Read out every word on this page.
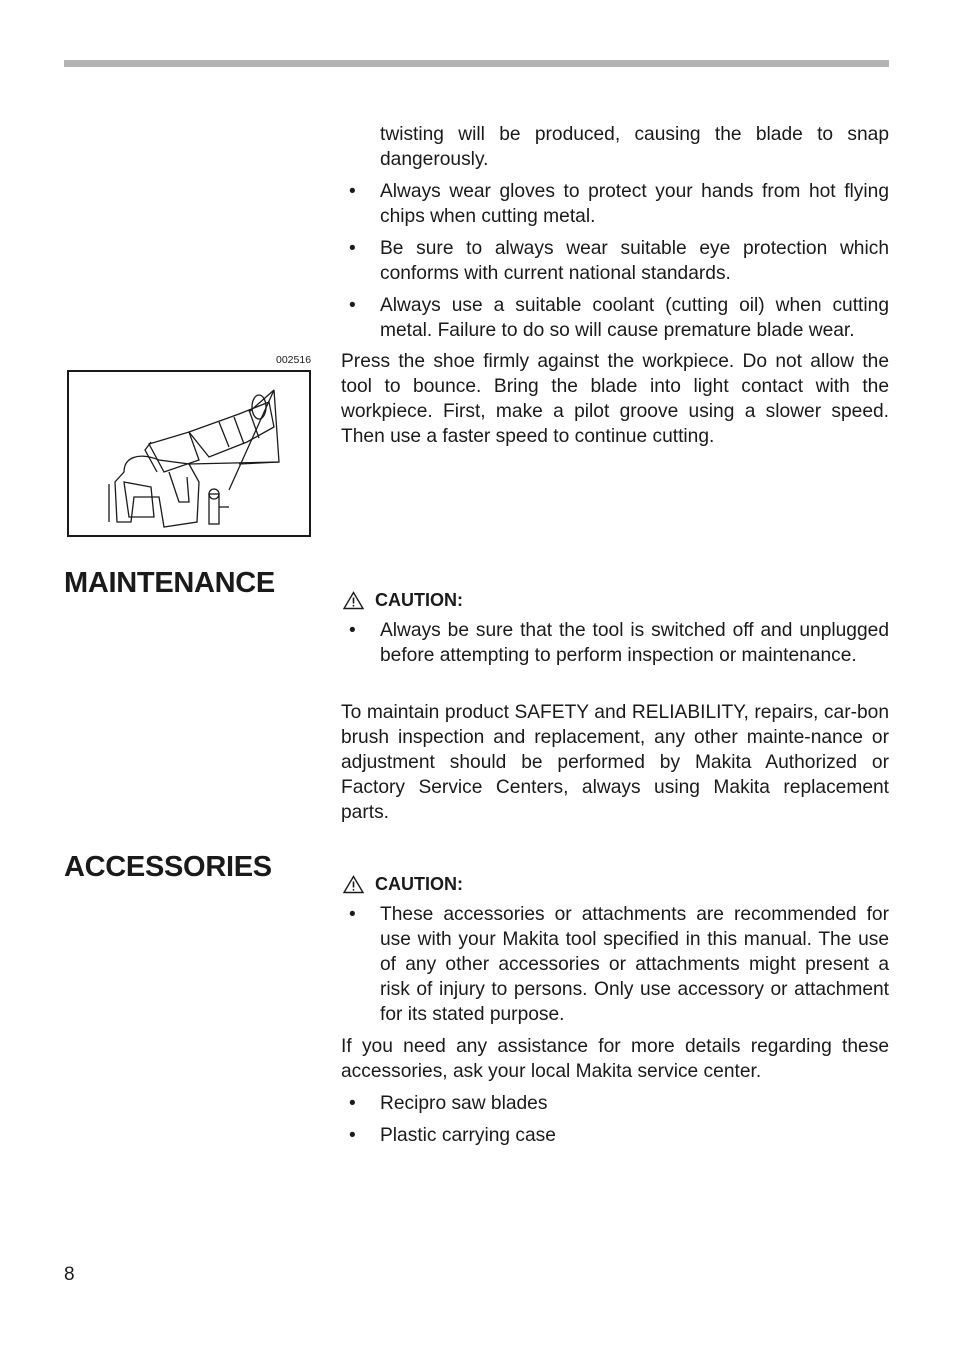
twisting will be produced, causing the blade to snap dangerously.

• Always wear gloves to protect your hands from hot flying chips when cutting metal.

• Be sure to always wear suitable eye protection which conforms with current national standards.

• Always use a suitable coolant (cutting oil) when cutting metal. Failure to do so will cause premature blade wear.

002516 Press the shoe firmly against the workpiece. Do not allow the tool to bounce. Bring the blade into light contact with the workpiece. First, make a pilot groove using a slower speed. Then use a faster speed to continue cutting.

MAINTENANCE
CAUTION:
• Always be sure that the tool is switched off and unplugged before attempting to perform inspection or maintenance.

To maintain product SAFETY and RELIABILITY, repairs, car-bon brush inspection and replacement, any other mainte-nance or adjustment should be performed by Makita Authorized or Factory Service Centers, always using Makita replacement parts.

ACCESSORIES
CAUTION:
• These accessories or attachments are recommended for use with your Makita tool specified in this manual. The use of any other accessories or attachments might present a risk of injury to persons. Only use accessory or attachment for its stated purpose.

If you need any assistance for more details regarding these accessories, ask your local Makita service center.

• Recipro saw blades

• Plastic carrying case

8
